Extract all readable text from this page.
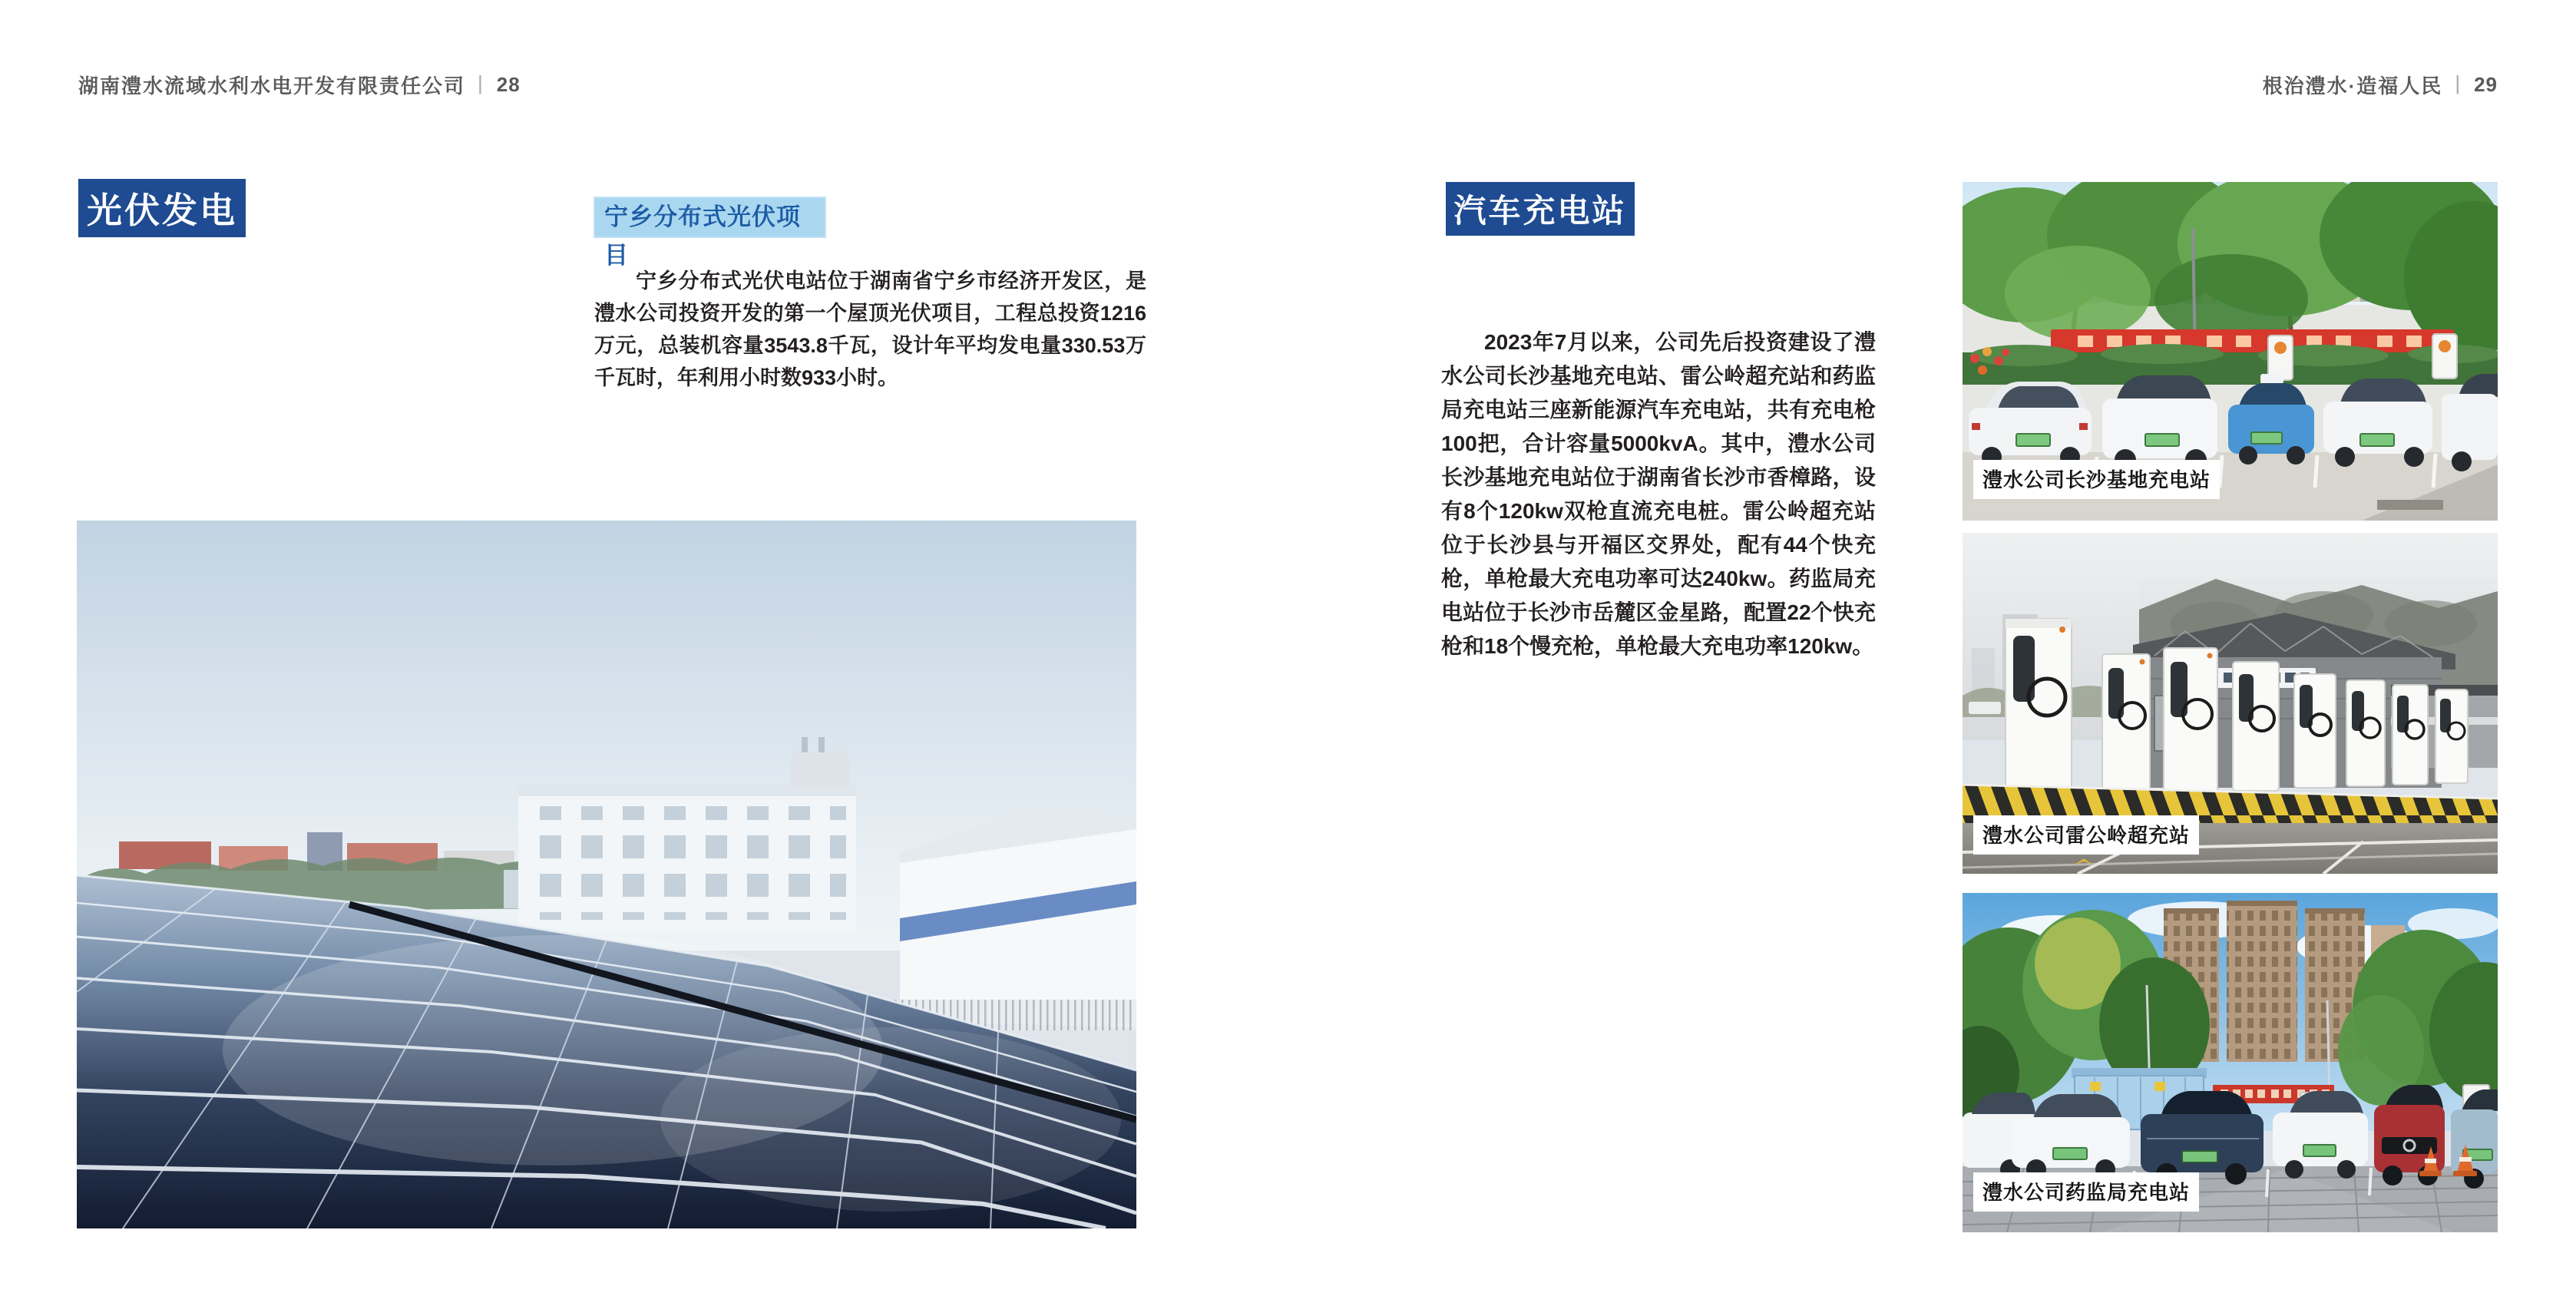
湖南澧水流域水利水电开发有限责任公司 | 28	根治澧水·造福人民 | 29
光伏发电	宁乡分布式光伏项目
宁乡分布式光伏电站位于湖南省宁乡市经济开发区，是澧水公司投资开发的第一个屋顶光伏项目，工程总投资1216万元，总装机容量3543.8千瓦，设计年平均发电量330.53万千瓦时，年利用小时数933小时。
汽车充电站
2023年7月以来，公司先后投资建设了澧水公司长沙基地充电站、雷公岭超充站和药监局充电站三座新能源汽车充电站，共有充电枪100把，合计容量5000kvA。其中，澧水公司长沙基地充电站位于湖南省长沙市香樟路，设有8个120kw双枪直流充电桩。雷公岭超充站位于长沙县与开福区交界处，配有44个快充枪，单枪最大充电功率可达240kw。药监局充电站位于长沙市岳麓区金星路，配置22个快充枪和18个慢充枪，单枪最大充电功率120kw。
澧水公司长沙基地充电站
澧水公司雷公岭超充站
澧水公司药监局充电站
